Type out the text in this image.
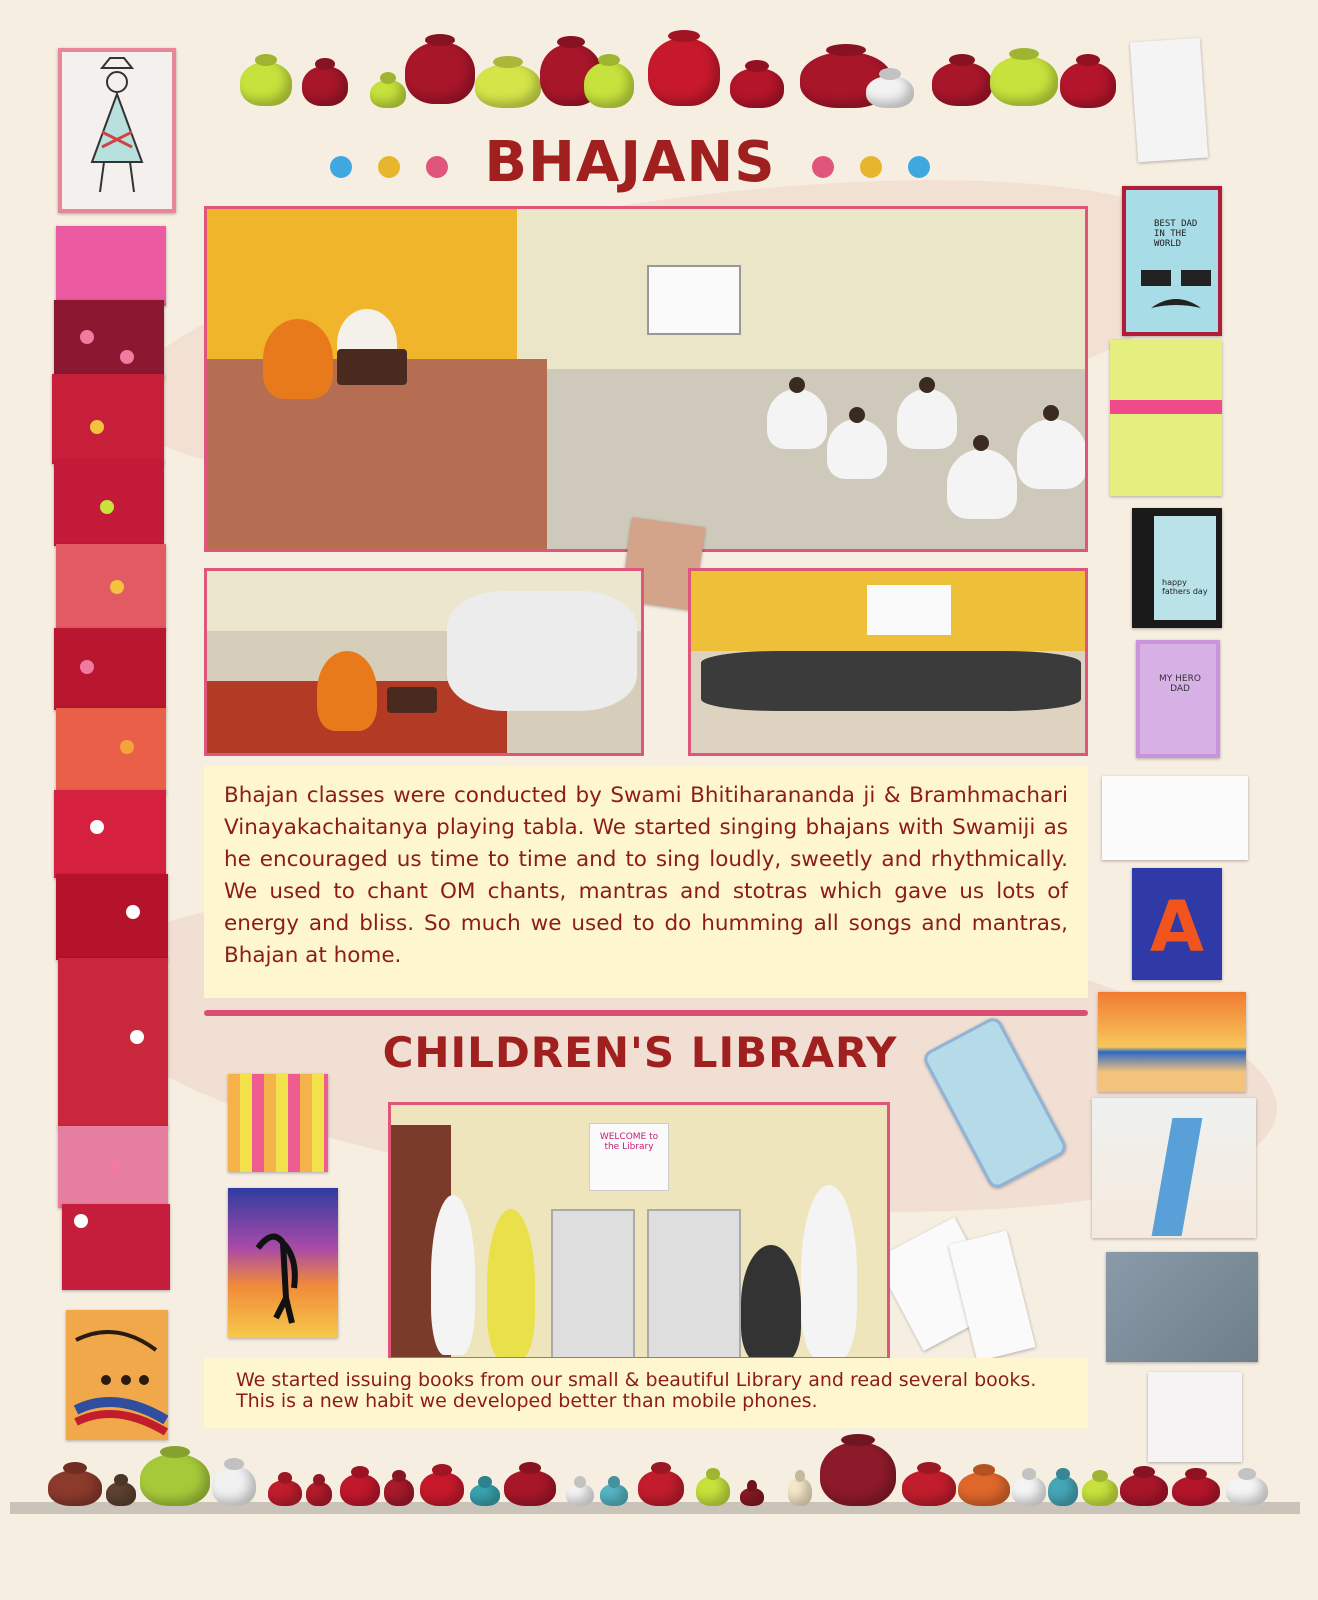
BEST DAD IN THE WORLD
happy fathers day
MY HERO DAD
A
BHAJANS
Bhajan classes were conducted by Swami Bhitiharananda ji & Bramhmachari Vinayakachaitanya playing tabla. We started singing bhajans with Swamiji as he encouraged us time to time and to sing loudly, sweetly and rhythmically. We used to chant OM chants, mantras and stotras which gave us lots of energy and bliss. So much we used to do humming all songs and mantras, Bhajan at home.
CHILDREN'S LIBRARY
WELCOME to the Library
We started issuing books from our small & beautiful Library and read several books. This is a new habit we developed better than mobile phones.
